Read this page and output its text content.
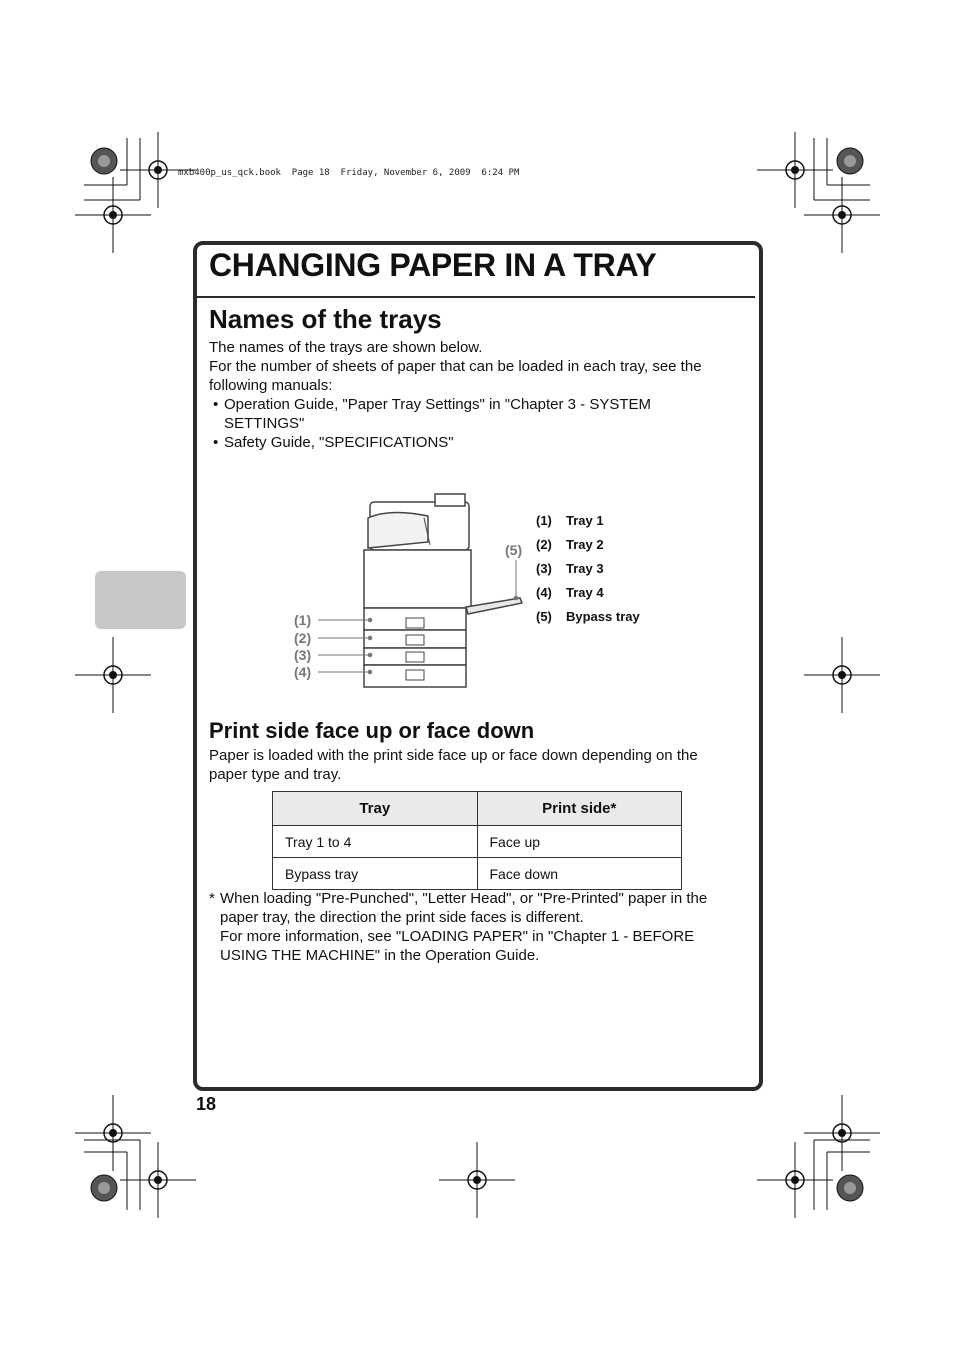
mxb400p_us_qck.book  Page 18  Friday, November 6, 2009  6:24 PM
CHANGING PAPER IN A TRAY
Names of the trays
The names of the trays are shown below.
For the number of sheets of paper that can be loaded in each tray, see the
following manuals:
• Operation Guide, "Paper Tray Settings" in "Chapter 3 - SYSTEM
SETTINGS"
• Safety Guide, "SPECIFICATIONS"
(1)
(2)
(3)
(4)
(5)
(1) Tray 1
(2) Tray 2
(3) Tray 3
(4) Tray 4
(5) Bypass tray
Print side face up or face down
Paper is loaded with the print side face up or face down depending on the
paper type and tray.
Tray	Print side*
Tray 1 to 4	Face up
Bypass tray	Face down
* When loading "Pre-Punched", "Letter Head", or "Pre-Printed" paper in the
paper tray, the direction the print side faces is different.
For more information, see "LOADING PAPER" in "Chapter 1 - BEFORE
USING THE MACHINE" in the Operation Guide.
18
